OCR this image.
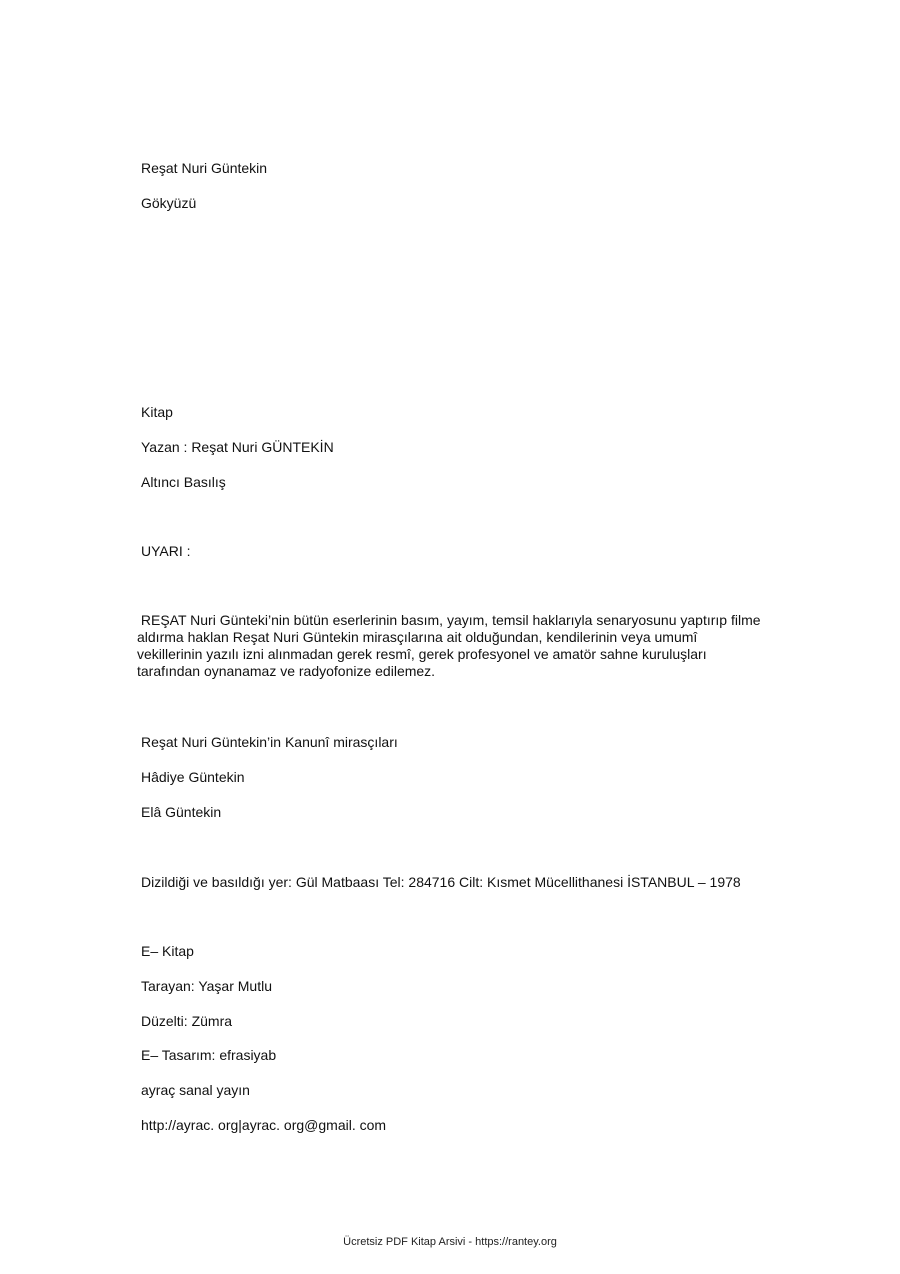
Reşat Nuri Güntekin
Gökyüzü
Kitap
Yazan : Reşat Nuri GÜNTEKİN
Altıncı Basılış
UYARI :
REŞAT Nuri Günteki’nin bütün eserlerinin basım, yayım, temsil haklarıyla senaryosunu yaptırıp filme
aldırma haklan Reşat Nuri Güntekin mirasçılarına ait olduğundan, kendilerinin veya umumî
vekillerinin yazılı izni alınmadan gerek resmî, gerek profesyonel ve amatör sahne kuruluşları
tarafından oynanamaz ve radyofonize edilemez.
Reşat Nuri Güntekin’in Kanunî mirasçıları
Hâdiye Güntekin
Elâ Güntekin
Dizildiği ve basıldığı yer: Gül Matbaası Tel: 284716 Cilt: Kısmet Mücellithanesi İSTANBUL – 1978
E– Kitap
Tarayan: Yaşar Mutlu
Düzelti: Zümra
E– Tasarım: efrasiyab
ayraç sanal yayın
http://ayrac. org|ayrac. org@gmail. com
Ücretsiz PDF Kitap Arsivi - https://rantey.org
